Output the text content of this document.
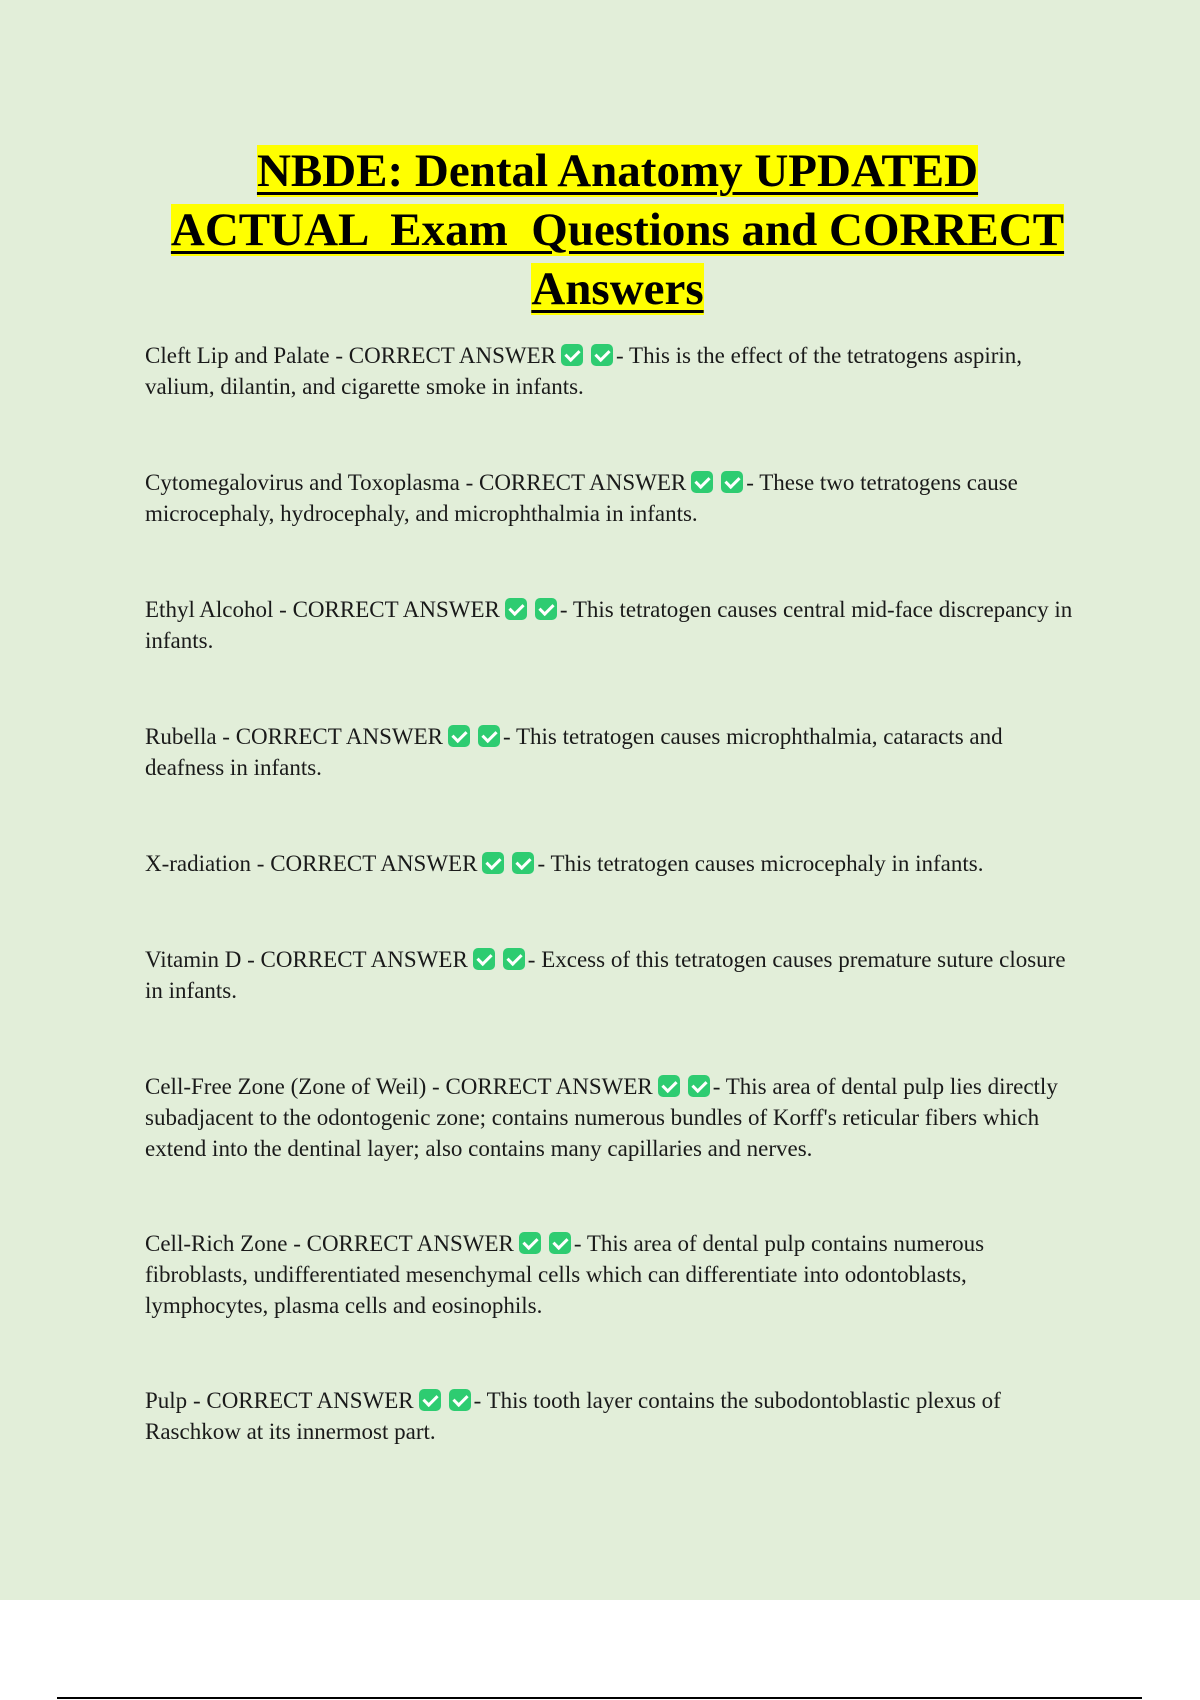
NBDE: Dental Anatomy UPDATED
ACTUAL  Exam  Questions and CORRECT
Answers

Cleft Lip and Palate - CORRECT ANSWER	- This is the effect of the tetratogens aspirin, valium, dilantin, and cigarette smoke in infants.

Cytomegalovirus and Toxoplasma - CORRECT ANSWER	- These two tetratogens cause microcephaly, hydrocephaly, and microphthalmia in infants.

Ethyl Alcohol - CORRECT ANSWER	- This tetratogen causes central mid-face discrepancy in infants.

Rubella - CORRECT ANSWER	- This tetratogen causes microphthalmia, cataracts and deafness in infants.

X-radiation - CORRECT ANSWER	- This tetratogen causes microcephaly in infants.

Vitamin D - CORRECT ANSWER	- Excess of this tetratogen causes premature suture closure in infants.

Cell-Free Zone (Zone of Weil) - CORRECT ANSWER	- This area of dental pulp lies directly subadjacent to the odontogenic zone; contains numerous bundles of Korff's reticular fibers which extend into the dentinal layer; also contains many capillaries and nerves.

Cell-Rich Zone - CORRECT ANSWER	- This area of dental pulp contains numerous fibroblasts, undifferentiated mesenchymal cells which can differentiate into odontoblasts, lymphocytes, plasma cells and eosinophils.

Pulp - CORRECT ANSWER	- This tooth layer contains the subodontoblastic plexus of Raschkow at its innermost part.
